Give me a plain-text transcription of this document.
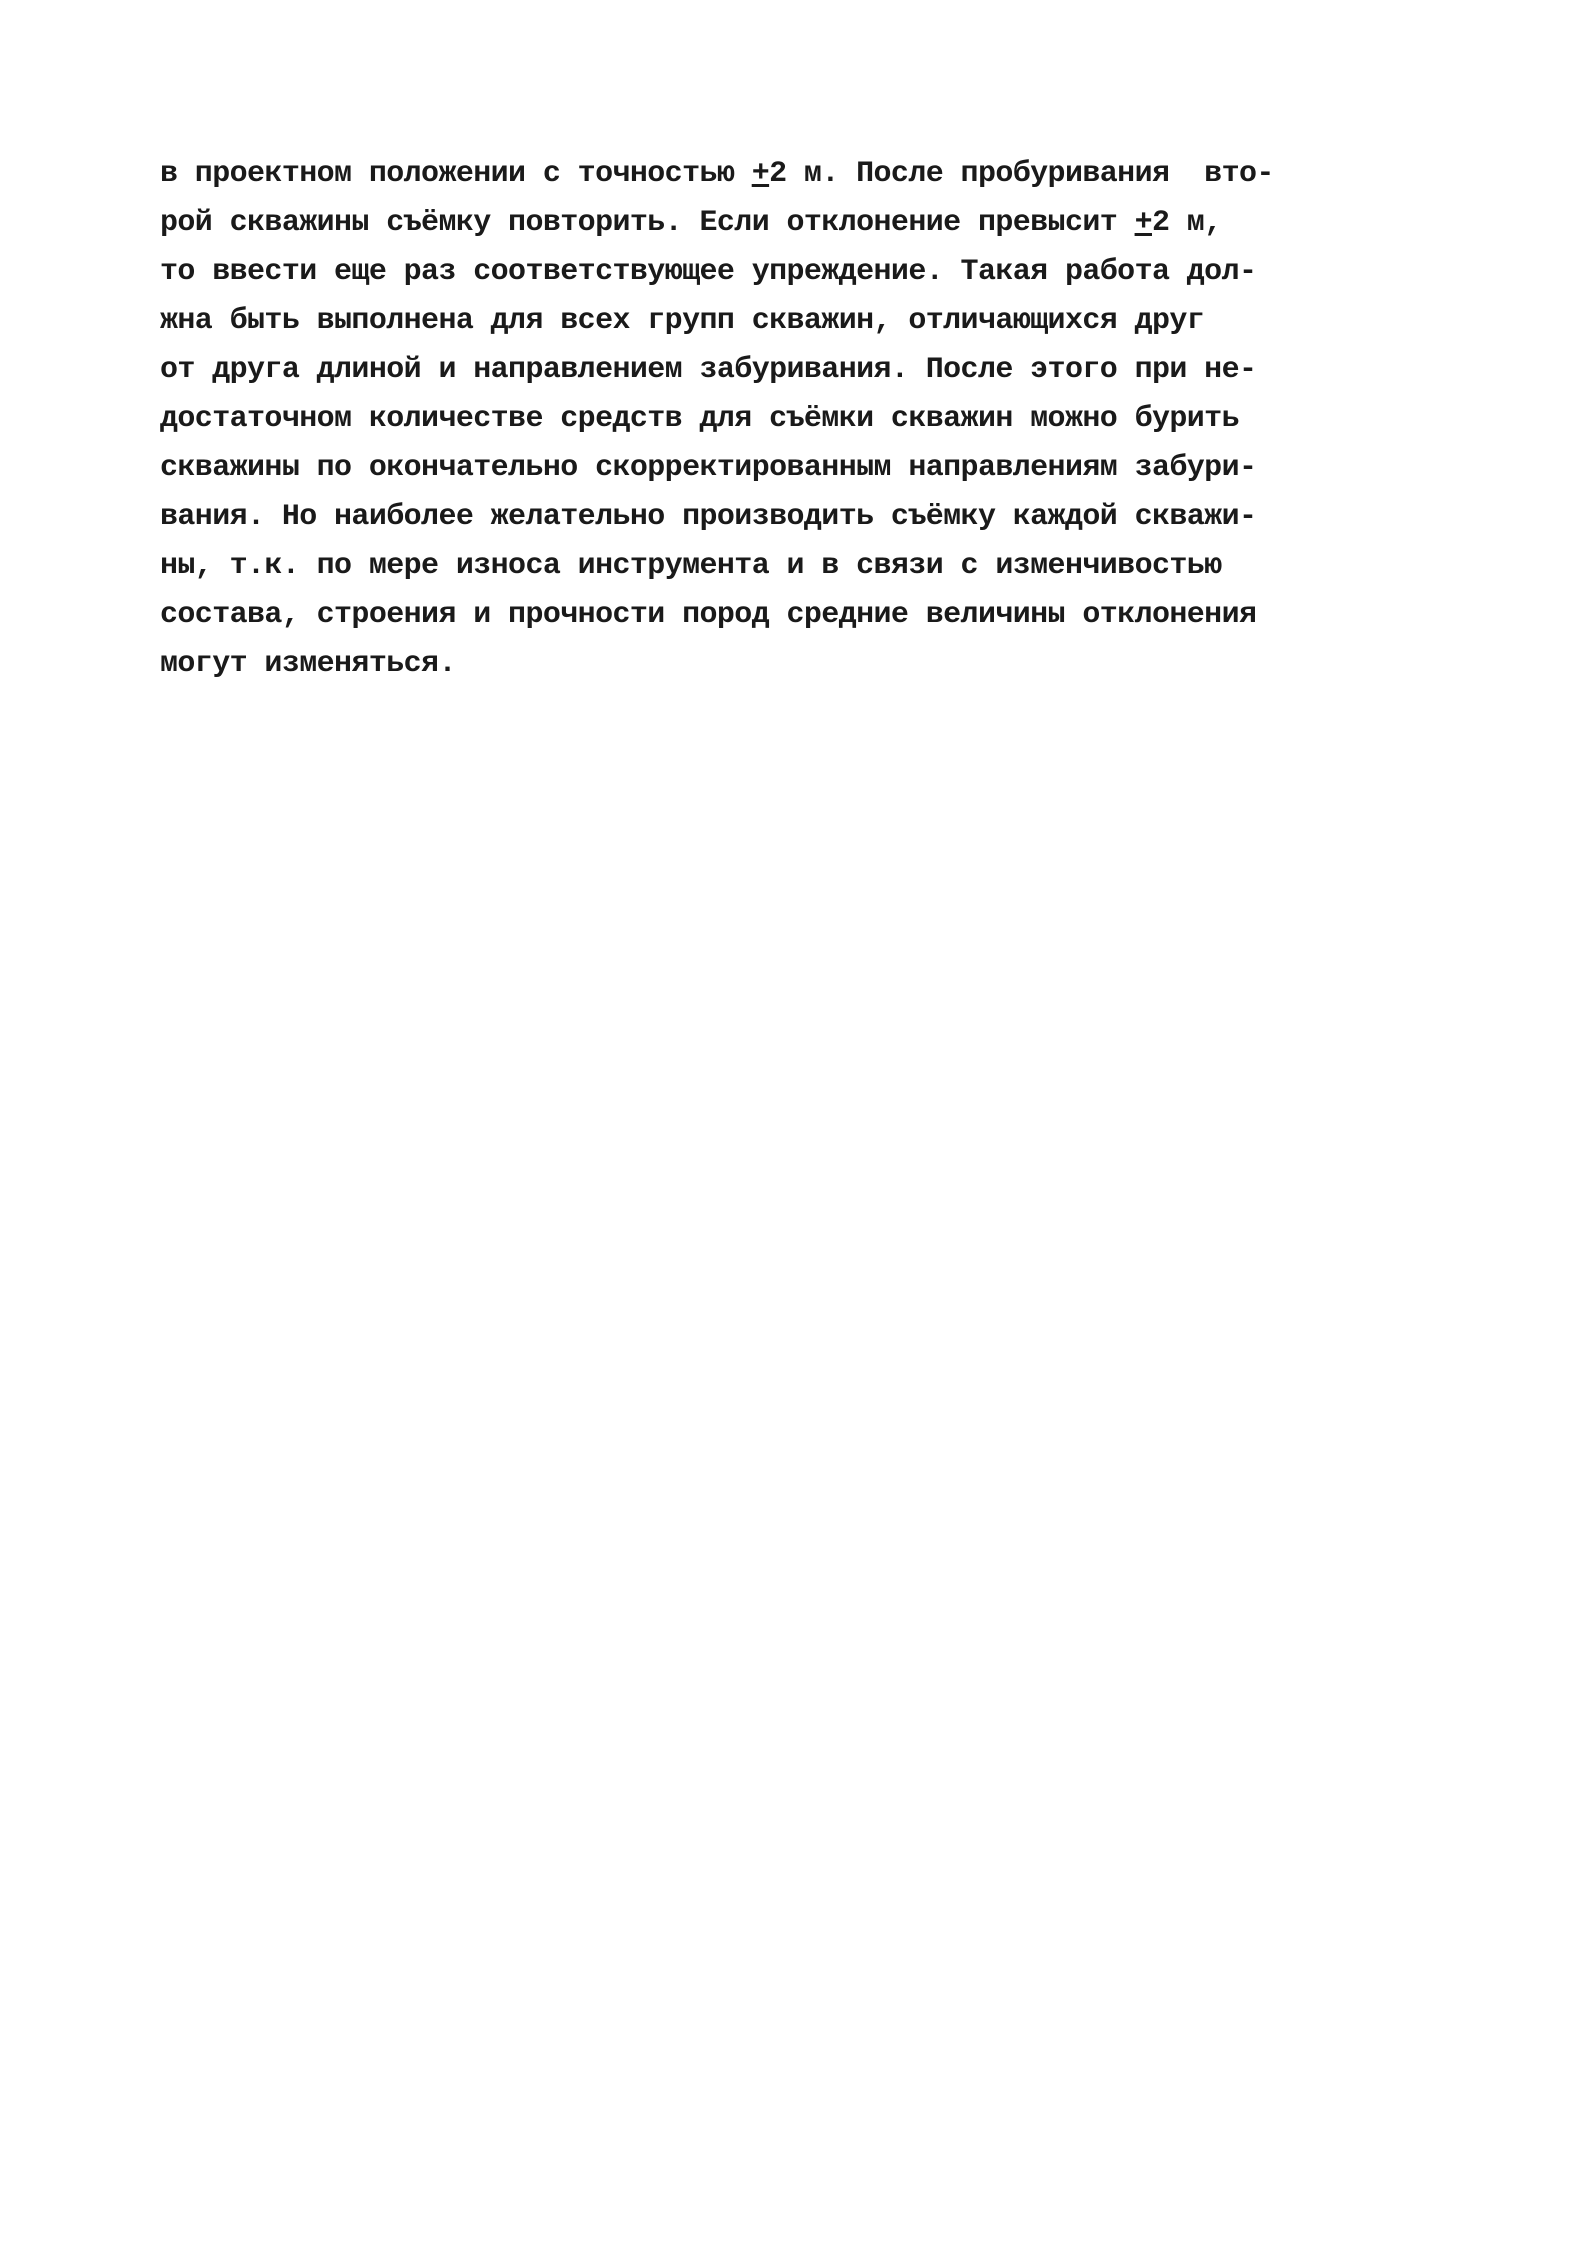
в проектном положении с точностью +2 м. После пробуривания  вто-
рой скважины съёмку повторить. Если отклонение превысит +2 м,
то ввести еще раз соответствующее упреждение. Такая работа дол-
жна быть выполнена для всех групп скважин, отличающихся друг
от друга длиной и направлением забуривания. После этого при не-
достаточном количестве средств для съёмки скважин можно бурить
скважины по окончательно скорректированным направлениям забури-
вания. Но наиболее желательно производить съёмку каждой скважи-
ны, т.к. по мере износа инструмента и в связи с изменчивостью
состава, строения и прочности пород средние величины отклонения
могут изменяться.
